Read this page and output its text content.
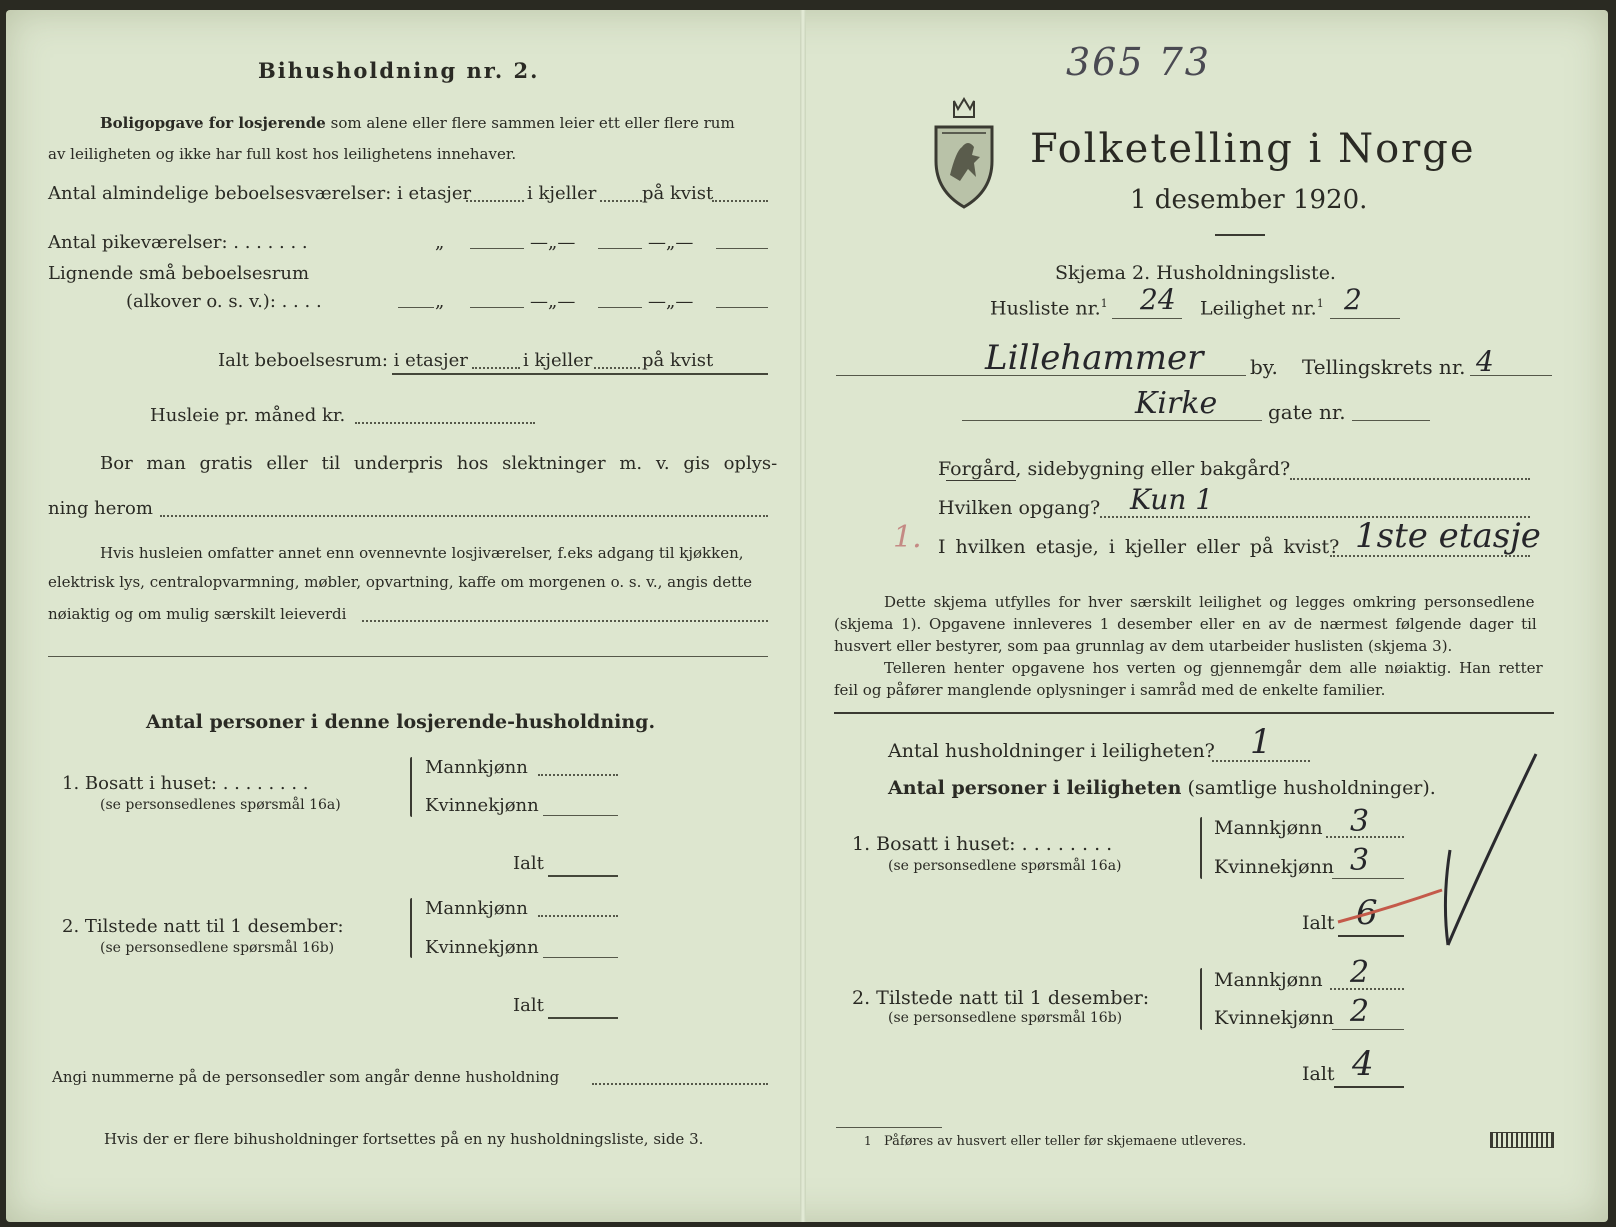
Bihusholdning nr. 2.
Boligopgave for losjerende som alene eller flere sammen leier ett eller flere rum
av leiligheten og ikke har full kost hos leilighetens innehaver.
Antal almindelige beboelsesværelser: i etasjer	i kjeller	på kvist
Antal pikeværelser: . . . . . . .	„	—„—	—„—
Lignende små beboelsesrum
(alkover o. s. v.): . . . .	„	—„—	—„—
Ialt beboelsesrum: i etasjer	i kjeller	på kvist
Husleie pr. måned kr.
Bor man gratis eller til underpris hos slektninger m. v. gis oplys-
ning herom
Hvis husleien omfatter annet enn ovennevnte losjiværelser, f.eks adgang til kjøkken,
elektrisk lys, centralopvarmning, møbler, opvartning, kaffe om morgenen o. s. v., angis dette
nøiaktig og om mulig særskilt leieverdi
Antal personer i denne losjerende-husholdning.
1. Bosatt i huset: . . . . . . . .
(se personsedlenes spørsmål 16a)
Mannkjønn
Kvinnekjønn
Ialt
2. Tilstede natt til 1 desember:
(se personsedlene spørsmål 16b)
Mannkjønn
Kvinnekjønn
Ialt
Angi nummerne på de personsedler som angår denne husholdning
Hvis der er flere bihusholdninger fortsettes på en ny husholdningsliste, side 3.
365 73
Folketelling i Norge
1 desember 1920.
Skjema 2. Husholdningsliste.
Husliste nr.$^1$ 24 Leilighet nr.$^1$ 2
Lillehammer by. Tellingskrets nr. 4
Kirke	gate nr.
Forgård, sidebygning eller bakgård?
Hvilken opgang? Kun 1
1. I hvilken etasje, i kjeller eller på kvist? 1ste etasje
Dette skjema utfylles for hver særskilt leilighet og legges omkring personsedlene
(skjema 1). Opgavene innleveres 1 desember eller en av de nærmest følgende dager til
husvert eller bestyrer, som paa grunnlag av dem utarbeider huslisten (skjema 3).
Telleren henter opgavene hos verten og gjennemgår dem alle nøiaktig. Han retter
feil og påfører manglende oplysninger i samråd med de enkelte familier.
Antal husholdninger i leiligheten? 1
Antal personer i leiligheten (samtlige husholdninger).
1. Bosatt i huset: . . . . . . . .
(se personsedlene spørsmål 16a)
Mannkjønn 3
Kvinnekjønn 3
Ialt 6
2. Tilstede natt til 1 desember:
(se personsedlene spørsmål 16b)
Mannkjønn 2
Kvinnekjønn 2
Ialt 4
1 Påføres av husvert eller teller før skjemaene utleveres.
